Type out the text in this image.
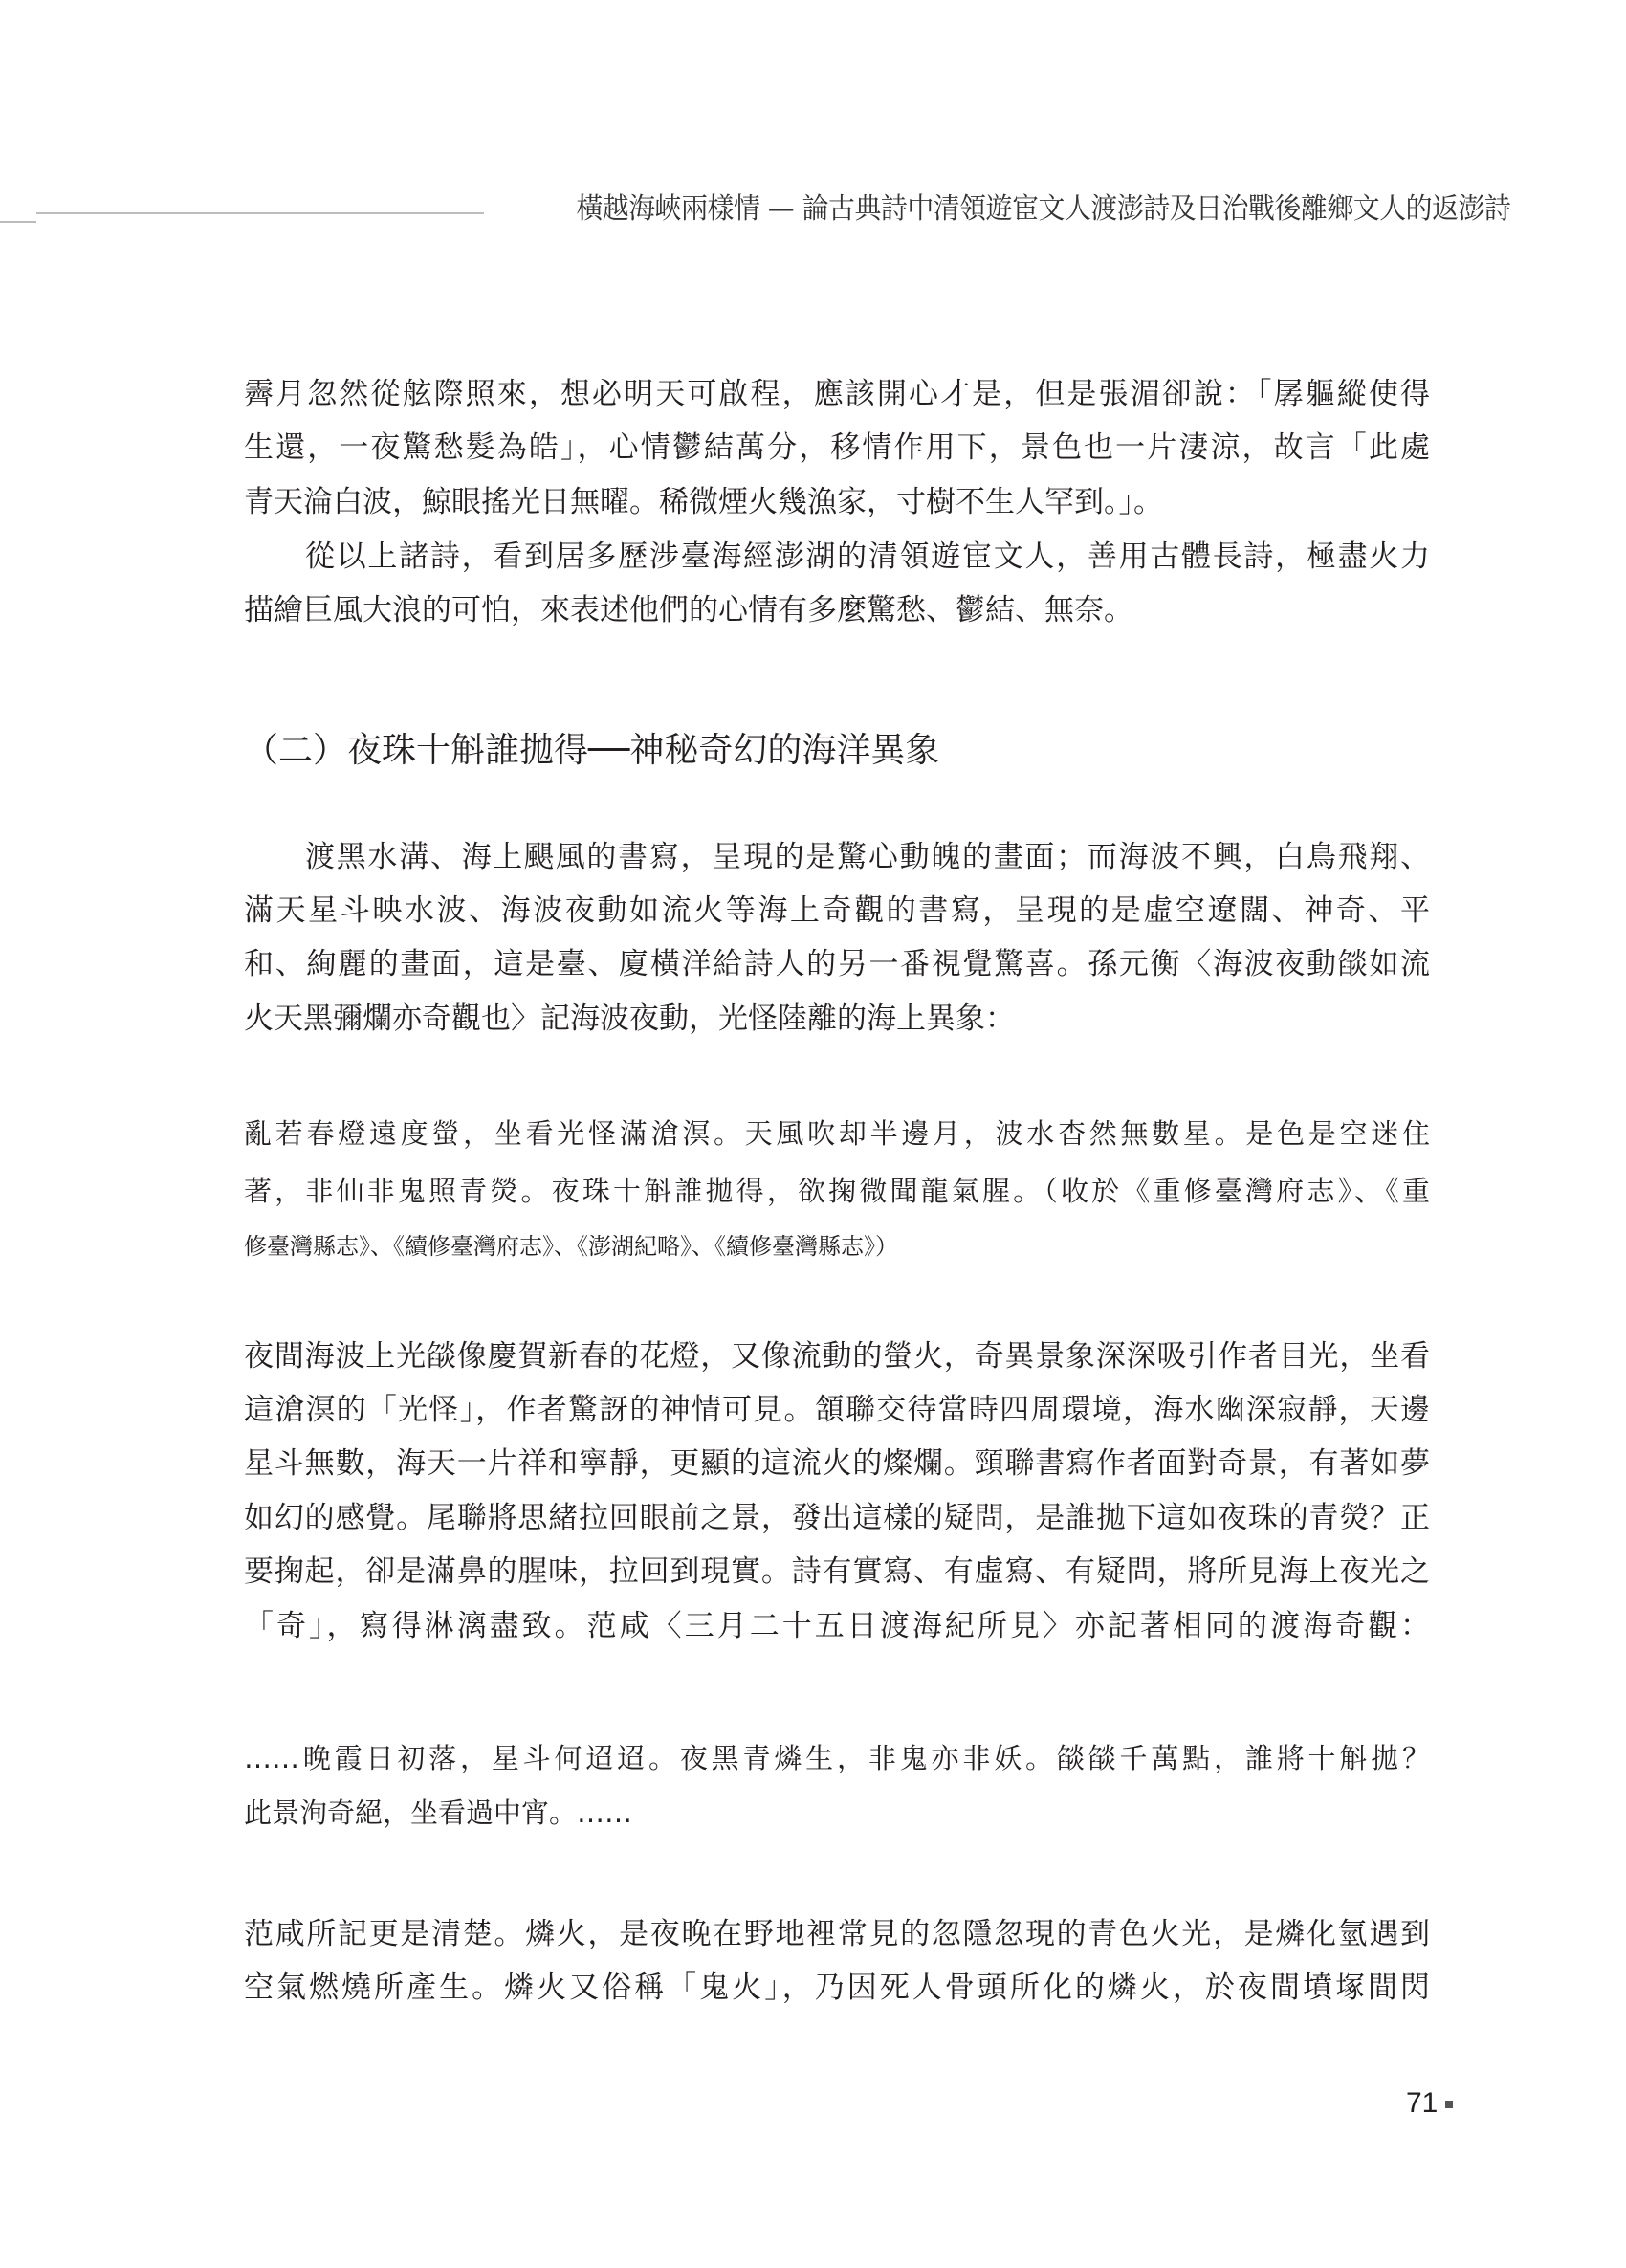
橫越海峽兩樣情 — 論古典詩中清領遊宦文人渡澎詩及日治戰後離鄉文人的返澎詩
霽月忽然從舷際照來，想必明天可啟程，應該開心才是，但是張湄卻說：「孱軀縱使得
生還，一夜驚愁髮為皓」，心情鬱結萬分，移情作用下，景色也一片淒涼，故言「此處
青天淪白波，鯨眼搖光日無曜。稀微煙火幾漁家，寸樹不生人罕到。」。
從以上諸詩，看到居多歷涉臺海經澎湖的清領遊宦文人，善用古體長詩，極盡火力
描繪巨風大浪的可怕，來表述他們的心情有多麼驚愁、鬱結、無奈。
（二）夜珠十斛誰拋得──神秘奇幻的海洋異象
渡黑水溝、海上颶風的書寫，呈現的是驚心動魄的畫面；而海波不興，白鳥飛翔、
滿天星斗映水波、海波夜動如流火等海上奇觀的書寫，呈現的是虛空遼闊、神奇、平
和、絢麗的畫面，這是臺、廈橫洋給詩人的另一番視覺驚喜。孫元衡〈海波夜動燄如流
火天黑彌爛亦奇觀也〉記海波夜動，光怪陸離的海上異象：
亂若春燈遠度螢，坐看光怪滿滄溟。天風吹却半邊月，波水杳然無數星。是色是空迷住
著，非仙非鬼照青熒。夜珠十斛誰拋得，欲掬微聞龍氣腥。（收於《重修臺灣府志》、《重
修臺灣縣志》、《續修臺灣府志》、《澎湖紀略》、《續修臺灣縣志》）
夜間海波上光燄像慶賀新春的花燈，又像流動的螢火，奇異景象深深吸引作者目光，坐看
這滄溟的「光怪」，作者驚訝的神情可見。頷聯交待當時四周環境，海水幽深寂靜，天邊
星斗無數，海天一片祥和寧靜，更顯的這流火的燦爛。頸聯書寫作者面對奇景，有著如夢
如幻的感覺。尾聯將思緒拉回眼前之景，發出這樣的疑問，是誰拋下這如夜珠的青熒？正
要掬起，卻是滿鼻的腥味，拉回到現實。詩有實寫、有虛寫、有疑問，將所見海上夜光之
「奇」，寫得淋漓盡致。范咸〈三月二十五日渡海紀所見〉亦記著相同的渡海奇觀：
……晚霞日初落，星斗何迢迢。夜黑青燐生，非鬼亦非妖。燄燄千萬點，誰將十斛拋？
此景洵奇絕，坐看過中宵。……
范咸所記更是清楚。燐火，是夜晚在野地裡常見的忽隱忽現的青色火光，是燐化氫遇到
空氣燃燒所產生。燐火又俗稱「鬼火」，乃因死人骨頭所化的燐火，於夜間墳塚間閃
71
